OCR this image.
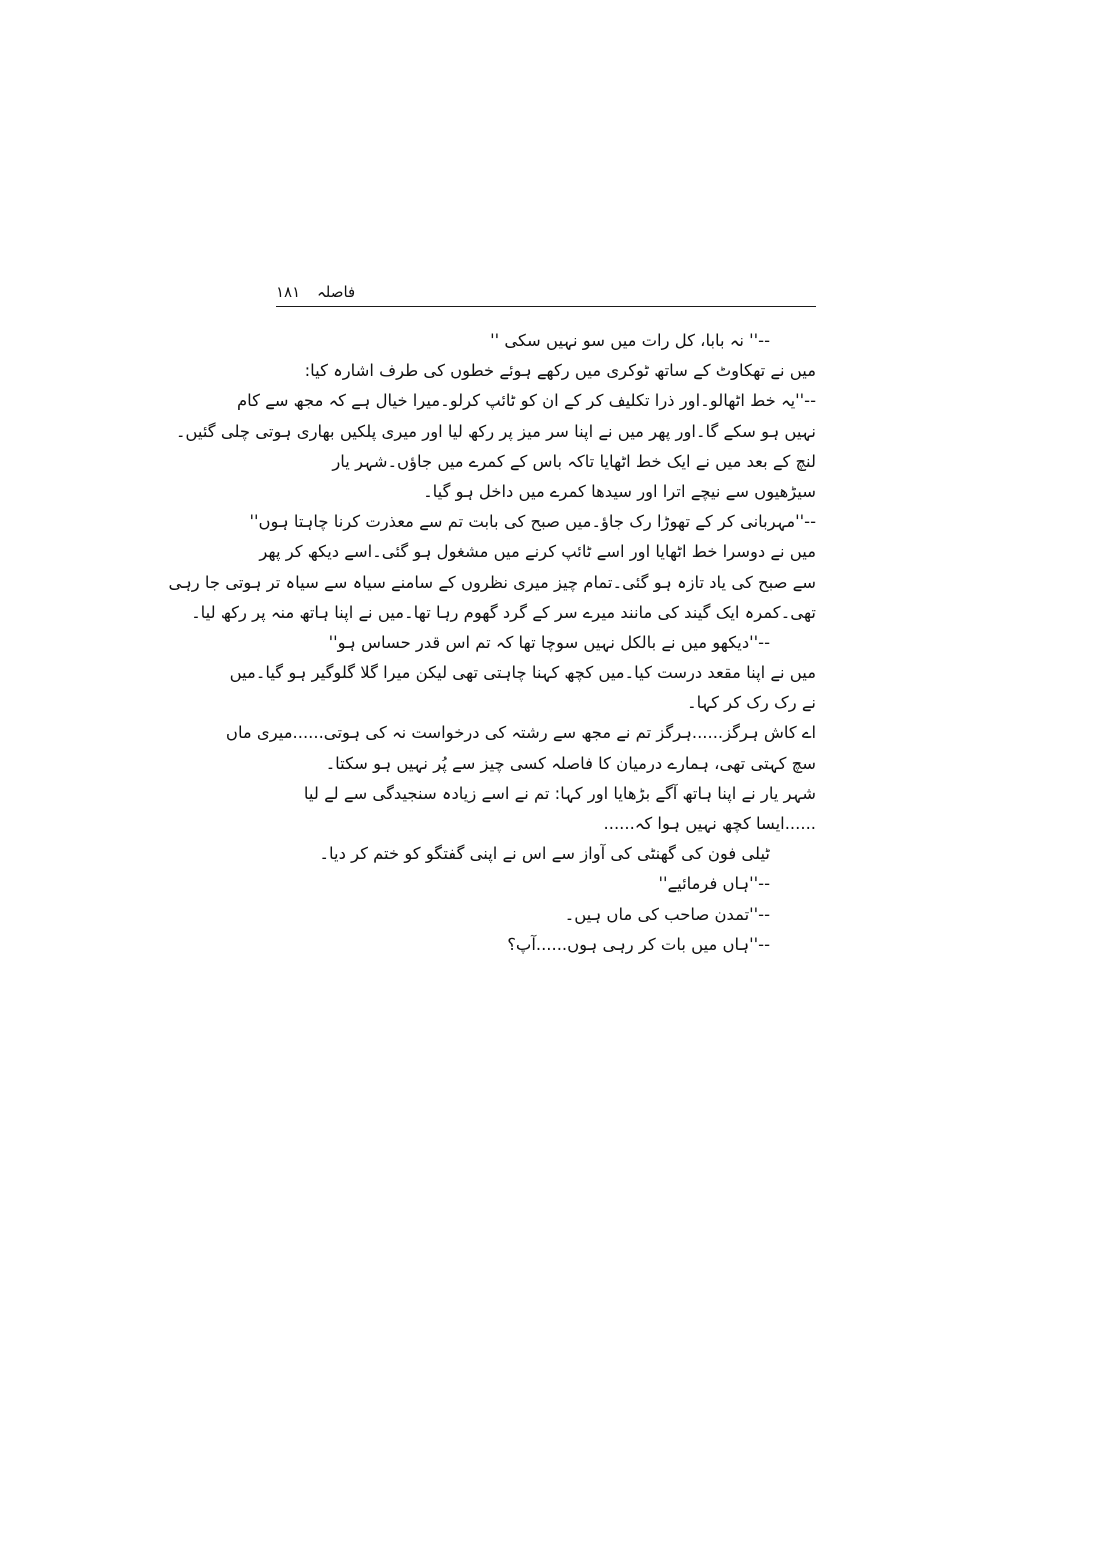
فاصلہ ۱۸۱
--'' نہ بابا، کل رات میں سو نہیں سکی ''
میں نے تھکاوٹ کے ساتھ ٹوکری میں رکھے ہوئے خطوں کی طرف اشارہ کیا:
--''یہ خط اٹھالو۔اور ذرا تکلیف کر کے ان کو ٹائپ کرلو۔میرا خیال ہے کہ مجھ سے کام
نہیں ہو سکے گا۔اور پھر میں نے اپنا سر میز پر رکھ لیا اور میری پلکیں بھاری ہوتی چلی گئیں۔
لنچ کے بعد میں نے ایک خط اٹھایا تاکہ باس کے کمرے میں جاؤں۔شہر یار
سیڑھیوں سے نیچے اترا اور سیدھا کمرے میں داخل ہو گیا۔
--''مہربانی کر کے تھوڑا رک جاؤ۔میں صبح کی بابت تم سے معذرت کرنا چاہتا ہوں''
میں نے دوسرا خط اٹھایا اور اسے ٹائپ کرنے میں مشغول ہو گئی۔اسے دیکھ کر پھر
سے صبح کی یاد تازہ ہو گئی۔تمام چیز میری نظروں کے سامنے سیاہ سے سیاہ تر ہوتی جا رہی
تھی۔کمرہ ایک گیند کی مانند میرے سر کے گرد گھوم رہا تھا۔میں نے اپنا ہاتھ منہ پر رکھ لیا۔
--''دیکھو میں نے بالکل نہیں سوچا تھا کہ تم اس قدر حساس ہو''
میں نے اپنا مقعد درست کیا۔میں کچھ کہنا چاہتی تھی لیکن میرا گلا گلوگیر ہو گیا۔میں
نے رک رک کر کہا۔
اے کاش ہرگز......ہرگز تم نے مجھ سے رشتہ کی درخواست نہ کی ہوتی......میری ماں
سچ کہتی تھی، ہمارے درمیان کا فاصلہ کسی چیز سے پُر نہیں ہو سکتا۔
شہر یار نے اپنا ہاتھ آگے بڑھایا اور کہا: تم نے اسے زیادہ سنجیدگی سے لے لیا
......ایسا کچھ نہیں ہوا کہ......
ٹیلی فون کی گھنٹی کی آواز سے اس نے اپنی گفتگو کو ختم کر دیا۔
--''ہاں فرمائیے''
--''تمدن صاحب کی ماں ہیں۔
--''ہاں میں بات کر رہی ہوں......آپ؟
